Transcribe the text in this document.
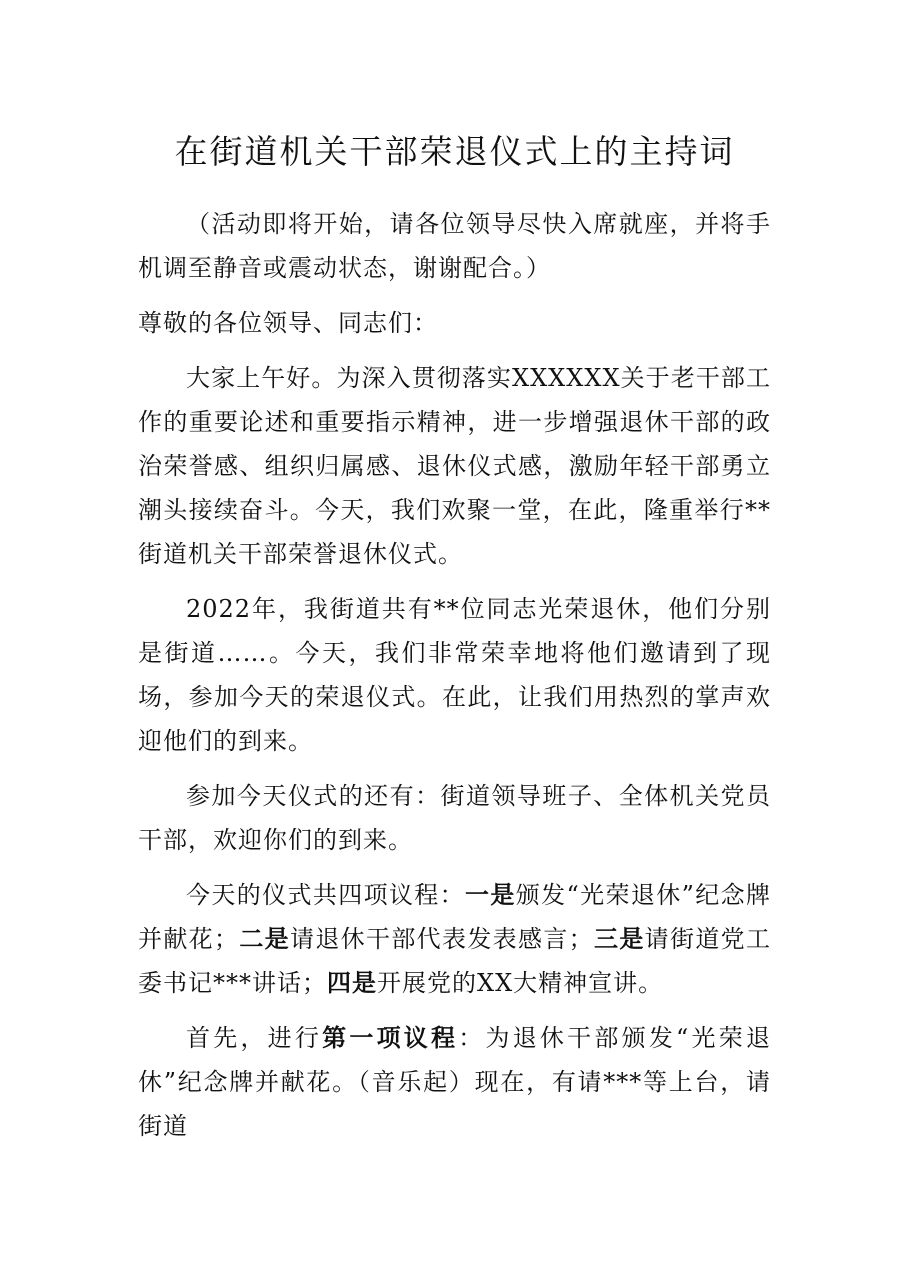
在街道机关干部荣退仪式上的主持词

（活动即将开始，请各位领导尽快入席就座，并将手机调至静音或震动状态，谢谢配合。）

尊敬的各位领导、同志们：

大家上午好。为深入贯彻落实XXXXXX关于老干部工作的重要论述和重要指示精神，进一步增强退休干部的政治荣誉感、组织归属感、退休仪式感，激励年轻干部勇立潮头接续奋斗。今天，我们欢聚一堂，在此，隆重举行**街道机关干部荣誉退休仪式。

2022年，我街道共有**位同志光荣退休，他们分别是街道……。今天，我们非常荣幸地将他们邀请到了现场，参加今天的荣退仪式。在此，让我们用热烈的掌声欢迎他们的到来。

参加今天仪式的还有：街道领导班子、全体机关党员干部，欢迎你们的到来。

今天的仪式共四项议程：一是颁发“光荣退休”纪念牌并献花；二是请退休干部代表发表感言；三是请街道党工委书记***讲话；四是开展党的XX大精神宣讲。

首先，进行第一项议程：为退休干部颁发“光荣退休”纪念牌并献花。（音乐起）现在，有请***等上台，请街道
